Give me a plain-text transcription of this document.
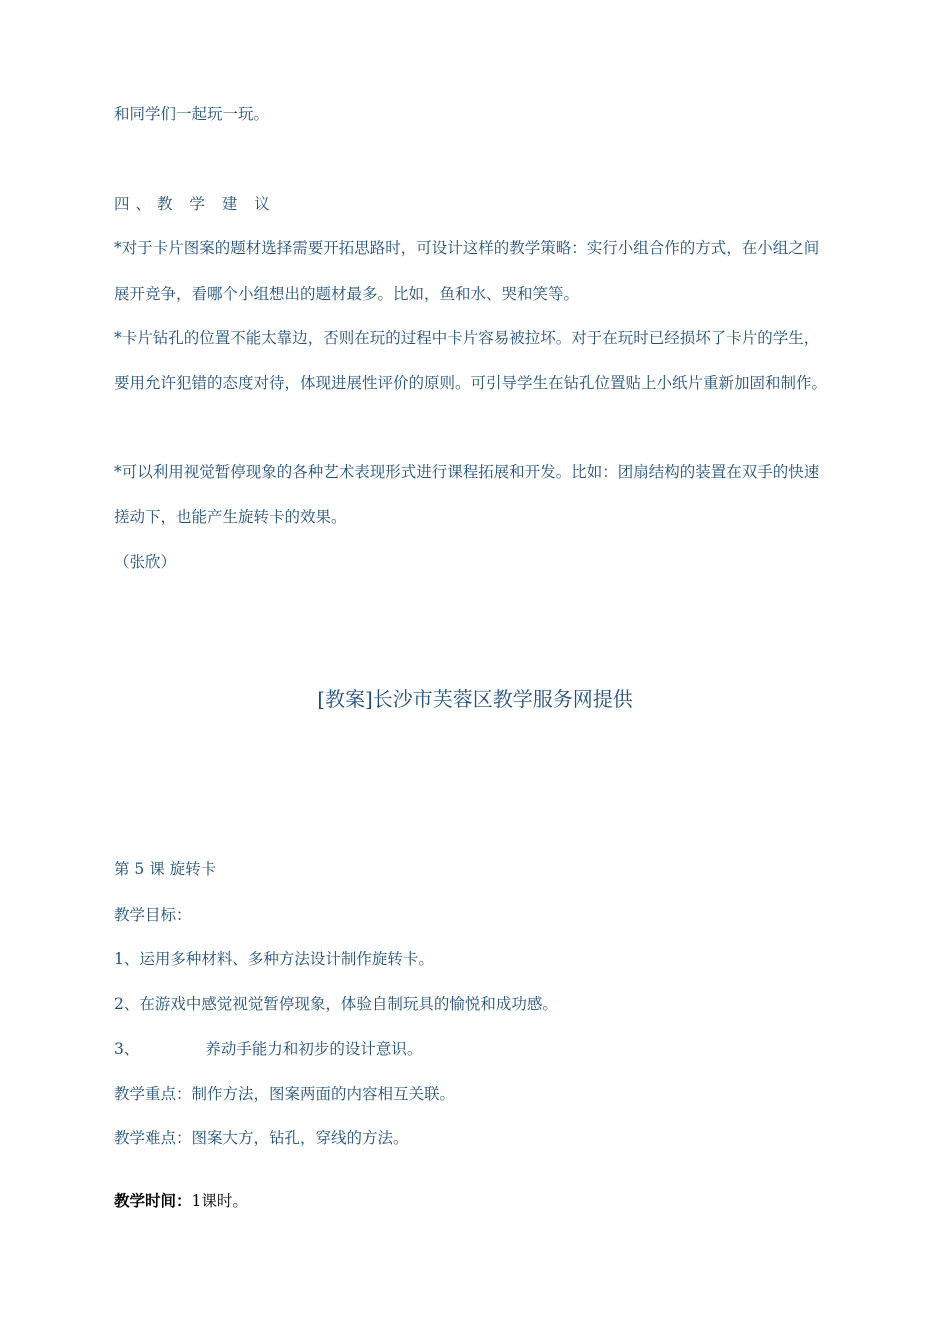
和同学们一起玩一玩。
四、教 学 建 议
*对于卡片图案的题材选择需要开拓思路时，可设计这样的教学策略：实行小组合作的方式，在小组之间
展开竞争，看哪个小组想出的题材最多。比如，鱼和水、哭和笑等。
*卡片钻孔的位置不能太靠边，否则在玩的过程中卡片容易被拉坏。对于在玩时已经损坏了卡片的学生，
要用允许犯错的态度对待，体现进展性评价的原则。可引导学生在钻孔位置贴上小纸片重新加固和制作。
*可以利用视觉暂停现象的各种艺术表现形式进行课程拓展和开发。比如：团扇结构的装置在双手的快速
搓动下，也能产生旋转卡的效果。
（张欣）
[教案]长沙市芙蓉区教学服务网提供
第 5 课 旋转卡
教学目标：
1、运用多种材料、多种方法设计制作旋转卡。
2、在游戏中感觉视觉暂停现象，体验自制玩具的愉悦和成功感。
3、	养动手能力和初步的设计意识。
教学重点：制作方法，图案两面的内容相互关联。
教学难点：图案大方，钻孔，穿线的方法。
教学时间：1课时。
